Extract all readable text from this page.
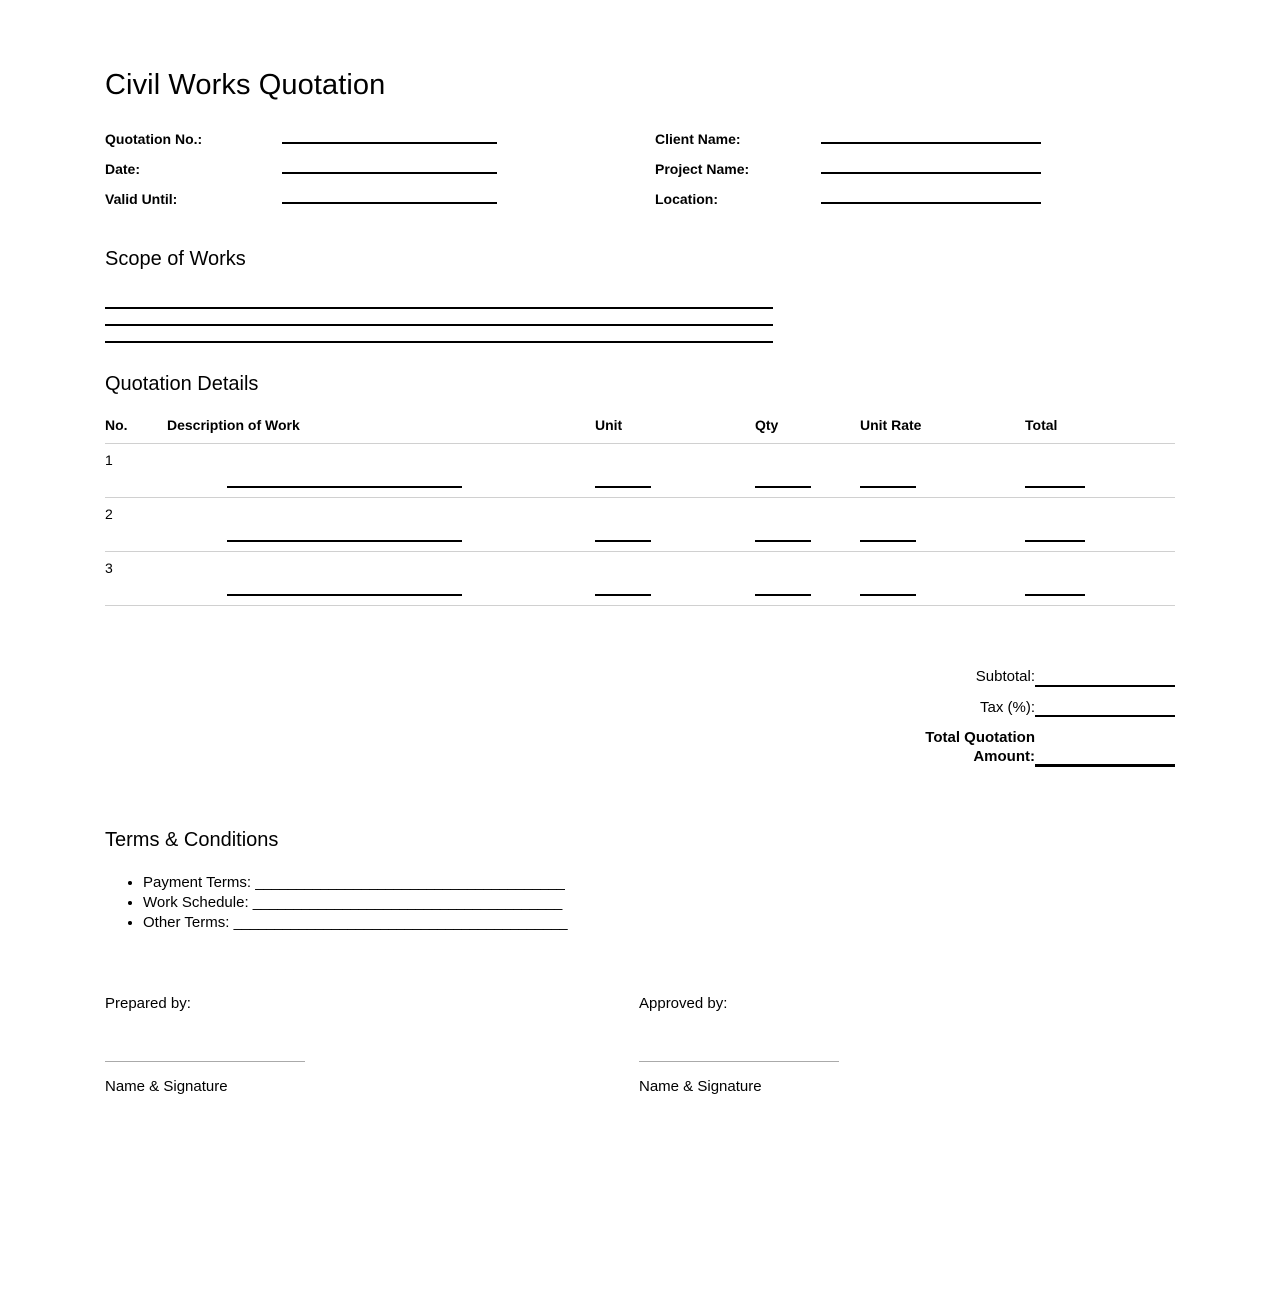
Civil Works Quotation
Quotation No.:
Date:
Valid Until:
Client Name:
Project Name:
Location:
Scope of Works
Quotation Details
No.	Description of Work	Unit	Qty	Unit Rate	Total
1	

2	

3	

Subtotal:
Tax (%):
Total Quotation
Amount:
Terms & Conditions
• Payment Terms: ______________________________________
• Work Schedule: ______________________________________
• Other Terms: _________________________________________
Prepared by:
Name & Signature
Approved by:
Name & Signature
